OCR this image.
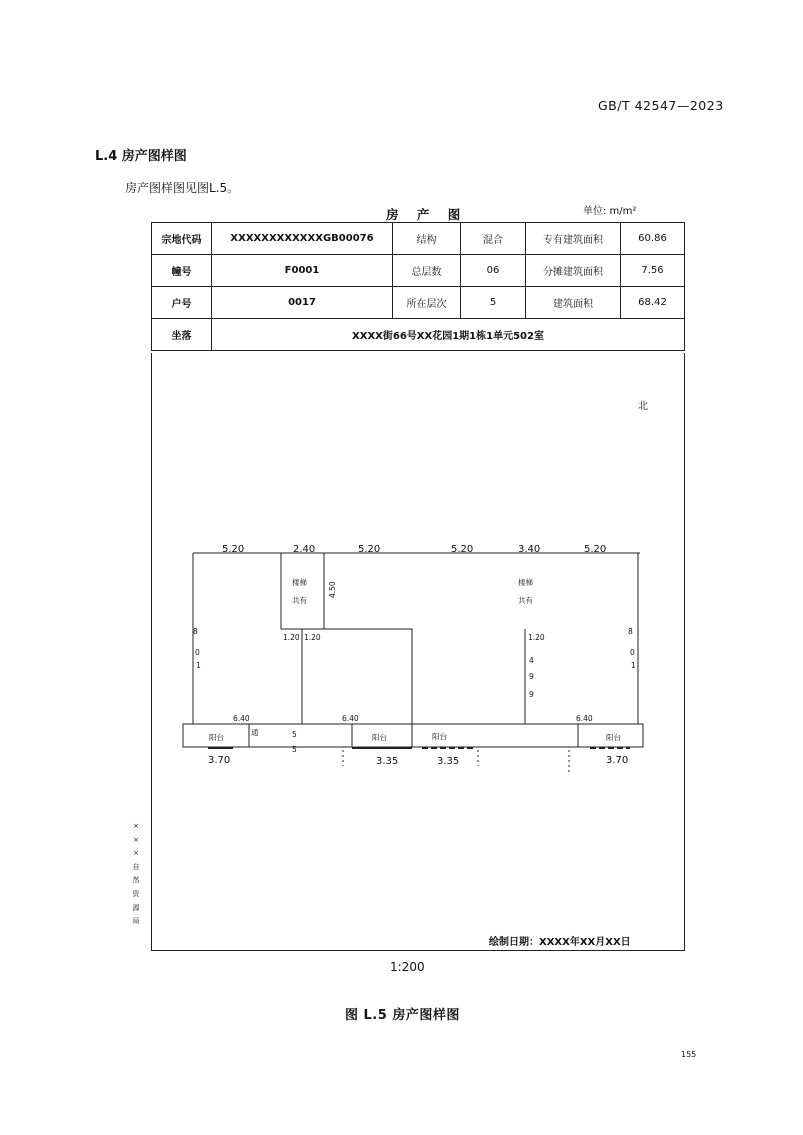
GB/T 42547—2023
L.4 房产图样图
房产图样图见图L.5。
房 产 图	单位: m/m²
宗地代码	XXXXXXXXXXXXGB00076	结构	混合	专有建筑面积	60.86
幢号	F0001	总层数	06	分摊建筑面积	7.56
户号	0017	所在层次	5	建筑面积	68.42
坐落	XXXX街66号XX花园1期1栋1单元502室				
北
5.20	2.40	5.20	5.20	3.40	5.20
3.70	3.35	3.35	3.70
1.20 1.20	1.20
6.40	6.40	6.40
4.50
楼梯
共有
楼梯
共有
阳台	阳台	阳台	阳台
8
0
1
4
9
9
8
0
1
5
5
通
×××自然资源局
绘制日期：XXXX年XX月XX日
1:200
图 L.5 房产图样图
155
